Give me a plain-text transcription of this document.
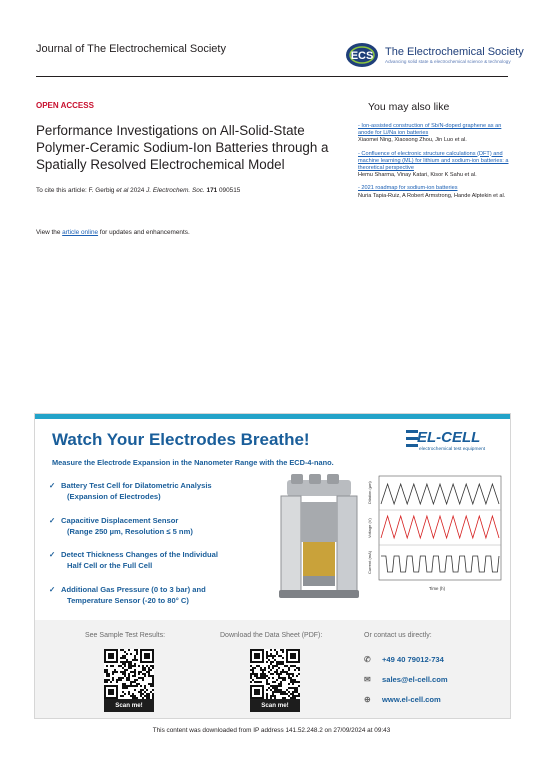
Journal of The Electrochemical Society
ECS The Electrochemical Society
Advancing solid state & electrochemical science & technology
OPEN ACCESS
Performance Investigations on All-Solid-State Polymer-Ceramic Sodium-Ion Batteries through a Spatially Resolved Electrochemical Model
To cite this article: F. Gerbig et al 2024 J. Electrochem. Soc. 171 090515
View the article online for updates and enhancements.
You may also like
- Ion-assisted construction of Sb/N-doped graphene as an anode for Li/Na ion batteries
Xiaomei Ning, Xiaosong Zhou, Jin Luo et al.
- Confluence of electronic structure calculations (DFT) and machine learning (ML) for lithium and sodium-ion batteries: a theoretical perspective
Hemu Sharma, Vinay Katari, Kisor K Sahu et al.
- 2021 roadmap for sodium-ion batteries
Nuria Tapia-Ruiz, A Robert Armstrong, Hande Alptekin et al.
Watch Your Electrodes Breathe!
Measure the Electrode Expansion in the Nanometer Range with the ECD-4-nano.
EL-CELL
electrochemical test equipment
✓ Battery Test Cell for Dilatometric Analysis
(Expansion of Electrodes)
✓ Capacitive Displacement Sensor
(Range 250 µm, Resolution ≤ 5 nm)
✓ Detect Thickness Changes of the Individual
Half Cell or the Full Cell
✓ Additional Gas Pressure (0 to 3 bar) and
Temperature Sensor (-20 to 80° C)
Dilation (µm)
Voltage (V)
Current (mA)
Time (h)
See Sample Test Results:	Download the Data Sheet (PDF):	Or contact us directly:
Scan me!	Scan me!
✆ +49 40 79012-734
✉ sales@el-cell.com
⊕ www.el-cell.com
This content was downloaded from IP address 141.52.248.2 on 27/09/2024 at 09:43
